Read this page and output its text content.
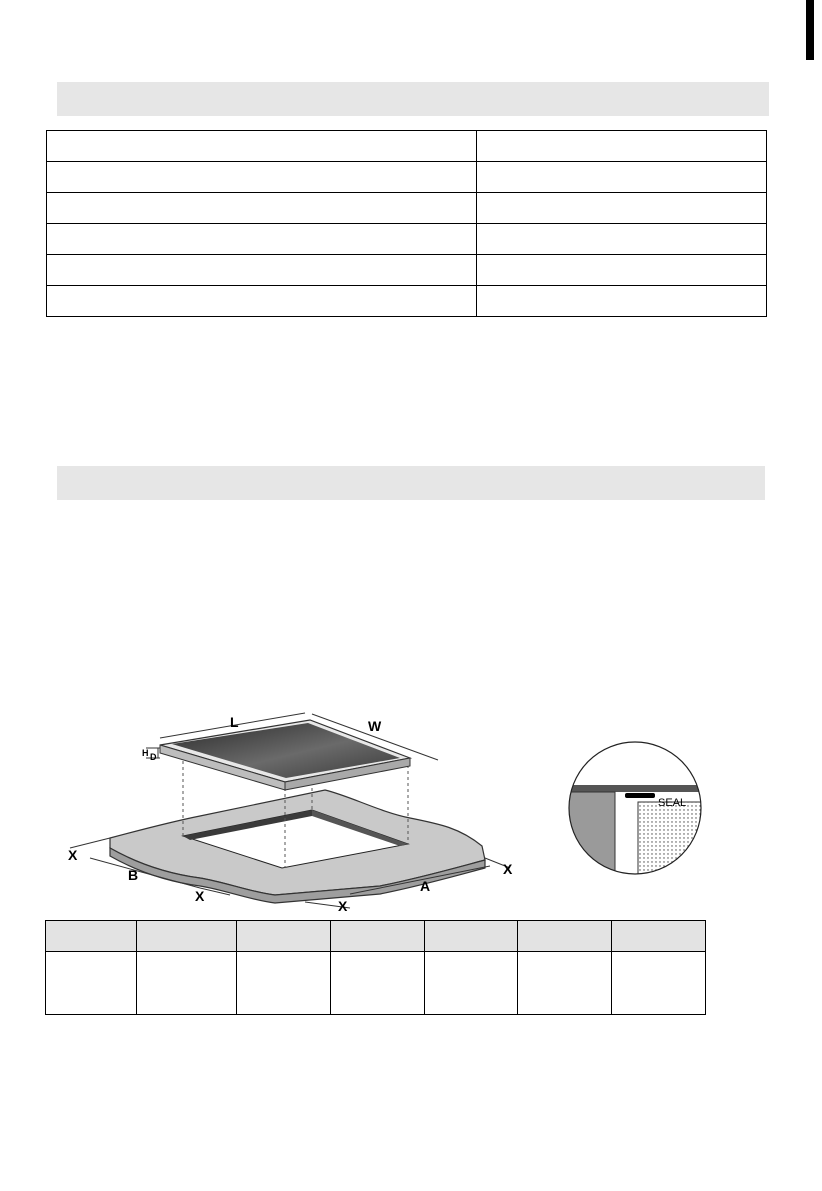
L	W
H D
X
B
X
A
X
X
SEAL
